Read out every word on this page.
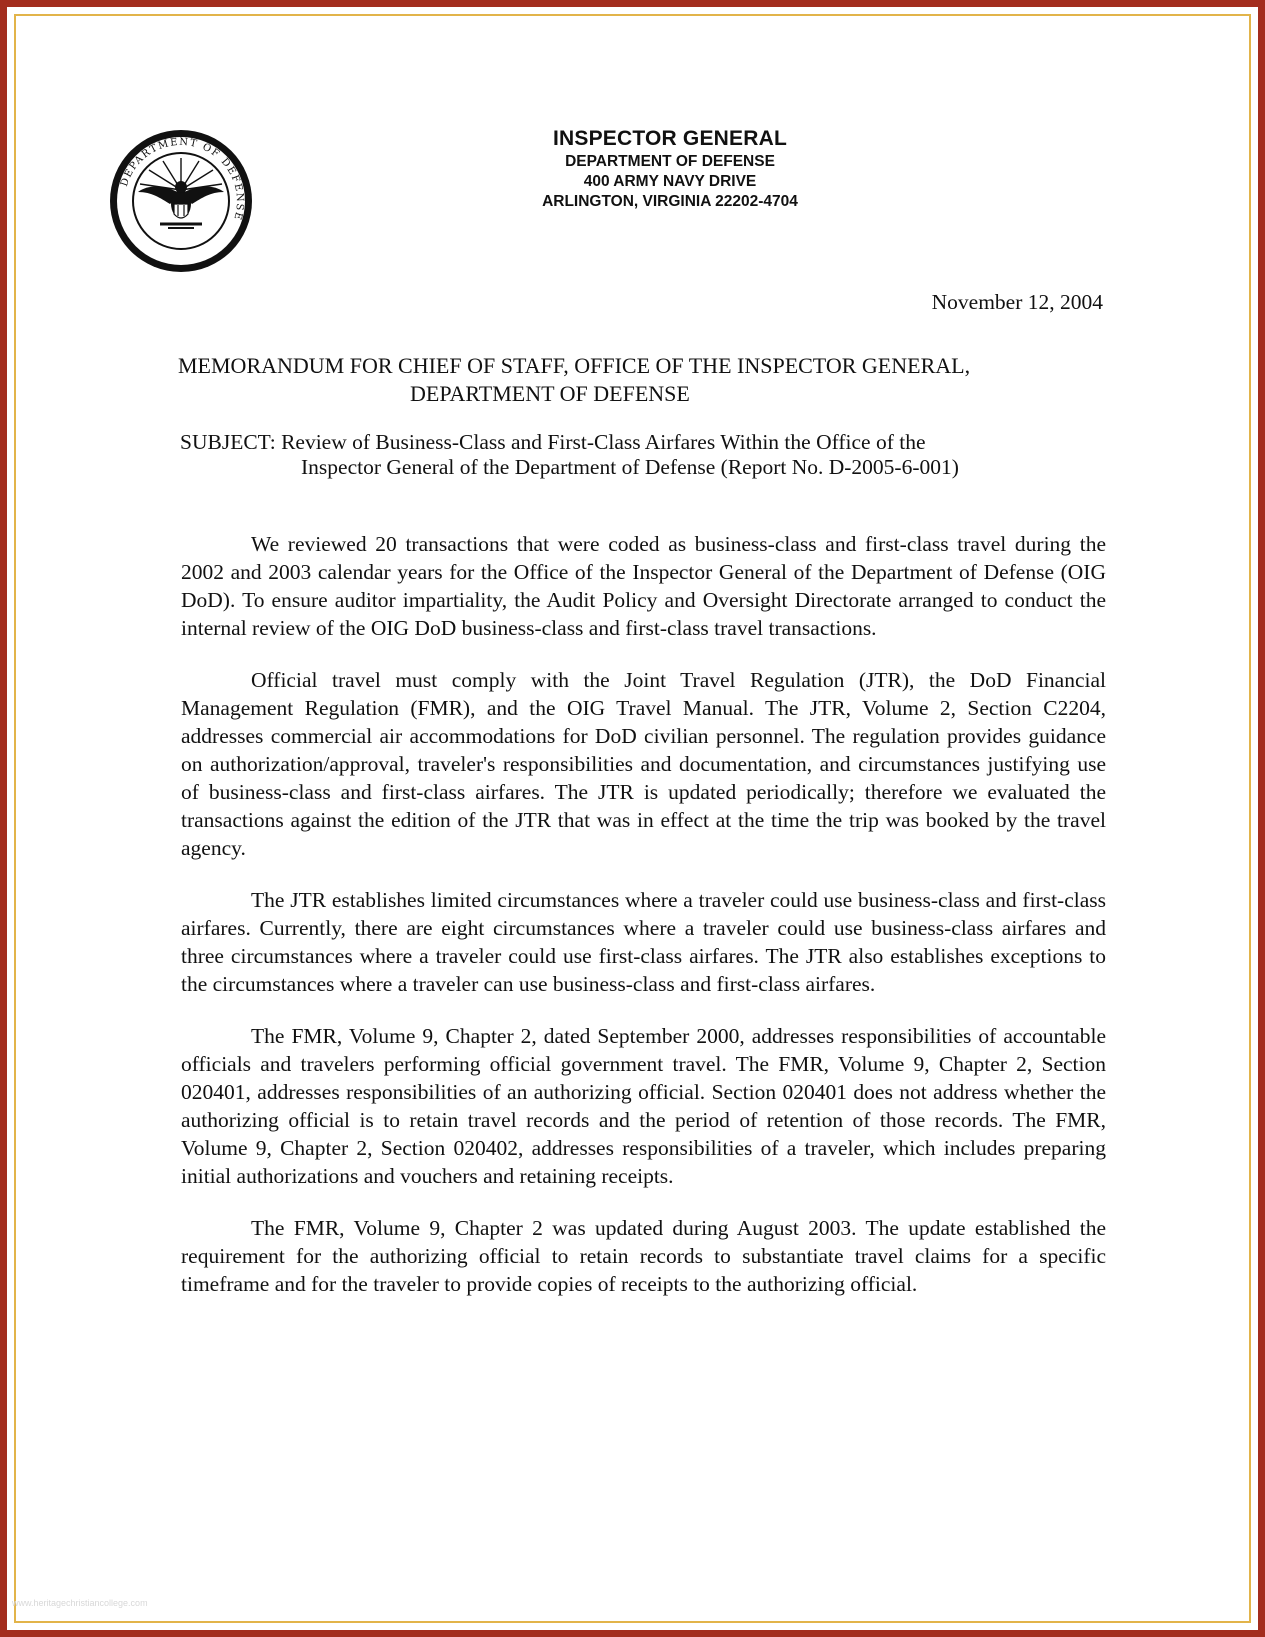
DEPARTMENT OF DEFENSE
INSPECTOR GENERAL
DEPARTMENT OF DEFENSE
400 ARMY NAVY DRIVE
ARLINGTON, VIRGINIA 22202-4704
November 12, 2004
MEMORANDUM FOR CHIEF OF STAFF, OFFICE OF THE INSPECTOR GENERAL,
DEPARTMENT OF DEFENSE
SUBJECT: Review of Business-Class and First-Class Airfares Within the Office of the
Inspector General of the Department of Defense (Report No. D-2005-6-001)

We reviewed 20 transactions that were coded as business-class and first-class travel during the 2002 and 2003 calendar years for the Office of the Inspector General of the Department of Defense (OIG DoD). To ensure auditor impartiality, the Audit Policy and Oversight Directorate arranged to conduct the internal review of the OIG DoD business-class and first-class travel transactions.

Official travel must comply with the Joint Travel Regulation (JTR), the DoD Financial Management Regulation (FMR), and the OIG Travel Manual. The JTR, Volume 2, Section C2204, addresses commercial air accommodations for DoD civilian personnel. The regulation provides guidance on authorization/approval, traveler's responsibilities and documentation, and circumstances justifying use of business-class and first-class airfares. The JTR is updated periodically; therefore we evaluated the transactions against the edition of the JTR that was in effect at the time the trip was booked by the travel agency.

The JTR establishes limited circumstances where a traveler could use business-class and first-class airfares. Currently, there are eight circumstances where a traveler could use business-class airfares and three circumstances where a traveler could use first-class airfares. The JTR also establishes exceptions to the circumstances where a traveler can use business-class and first-class airfares.

The FMR, Volume 9, Chapter 2, dated September 2000, addresses responsibilities of accountable officials and travelers performing official government travel. The FMR, Volume 9, Chapter 2, Section 020401, addresses responsibilities of an authorizing official. Section 020401 does not address whether the authorizing official is to retain travel records and the period of retention of those records. The FMR, Volume 9, Chapter 2, Section 020402, addresses responsibilities of a traveler, which includes preparing initial authorizations and vouchers and retaining receipts.

The FMR, Volume 9, Chapter 2 was updated during August 2003. The update established the requirement for the authorizing official to retain records to substantiate travel claims for a specific timeframe and for the traveler to provide copies of receipts to the authorizing official.

www.heritagechristiancollege.com
